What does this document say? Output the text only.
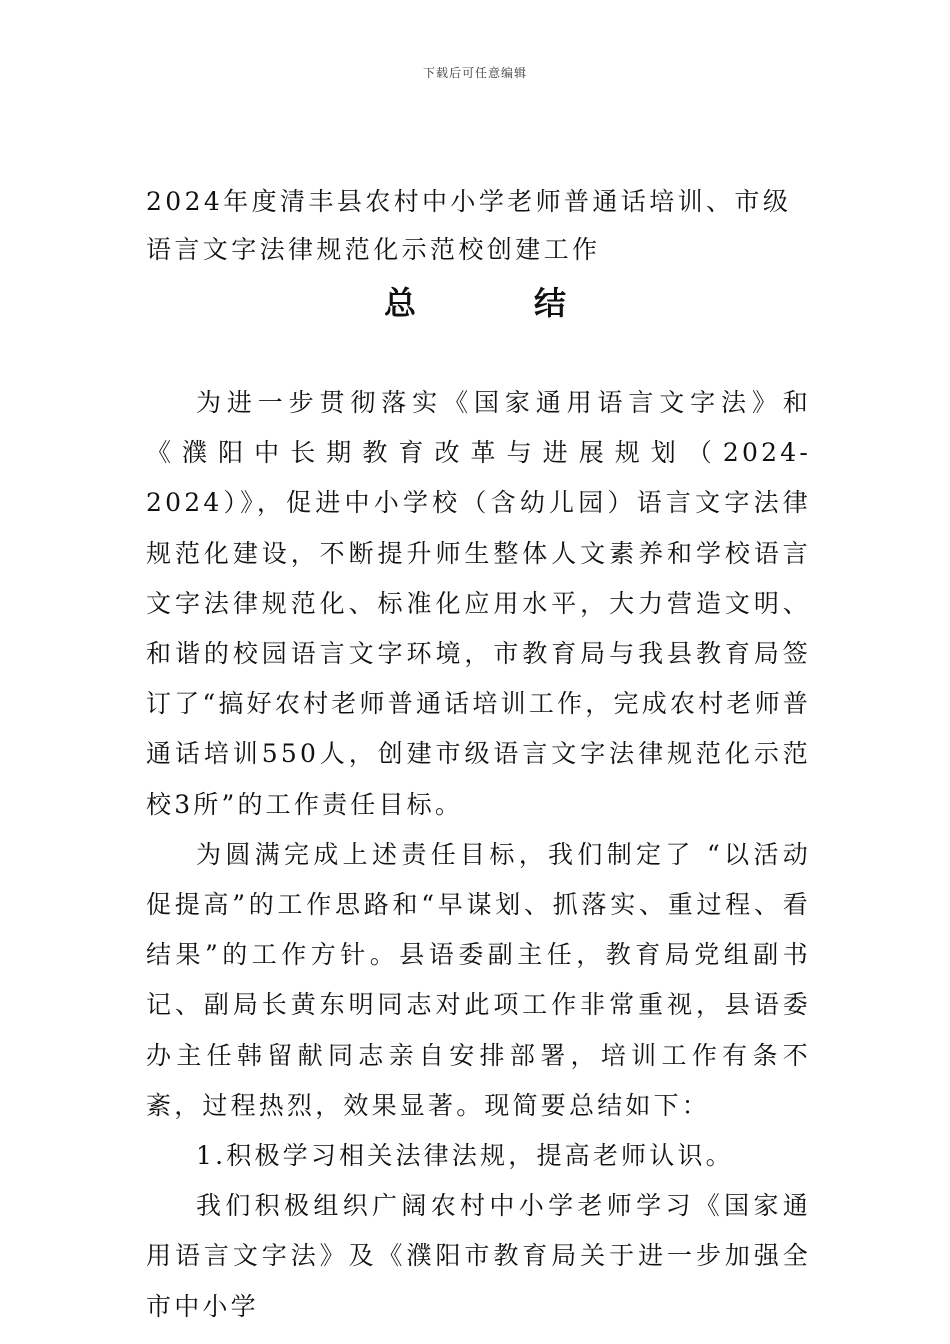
下载后可任意编辑
2024年度清丰县农村中小学老师普通话培训、市级语言文字法律规范化示范校创建工作
总	结

为进一步贯彻落实《国家通用语言文字法》和《濮阳中长期教育改革与进展规划（2024-2024）》，促进中小学校（含幼儿园）语言文字法律规范化建设，不断提升师生整体人文素养和学校语言文字法律规范化、标准化应用水平，大力营造文明、和谐的校园语言文字环境，市教育局与我县教育局签订了“搞好农村老师普通话培训工作，完成农村老师普通话培训550人，创建市级语言文字法律规范化示范校3所”的工作责任目标。

为圆满完成上述责任目标，我们制定了 “以活动促提高”的工作思路和“早谋划、抓落实、重过程、看结果”的工作方针。县语委副主任，教育局党组副书记、副局长黄东明同志对此项工作非常重视，县语委办主任韩留献同志亲自安排部署，培训工作有条不紊，过程热烈，效果显著。现简要总结如下：

1.积极学习相关法律法规，提高老师认识。

我们积极组织广阔农村中小学老师学习《国家通用语言文字法》及《濮阳市教育局关于进一步加强全市中小学
